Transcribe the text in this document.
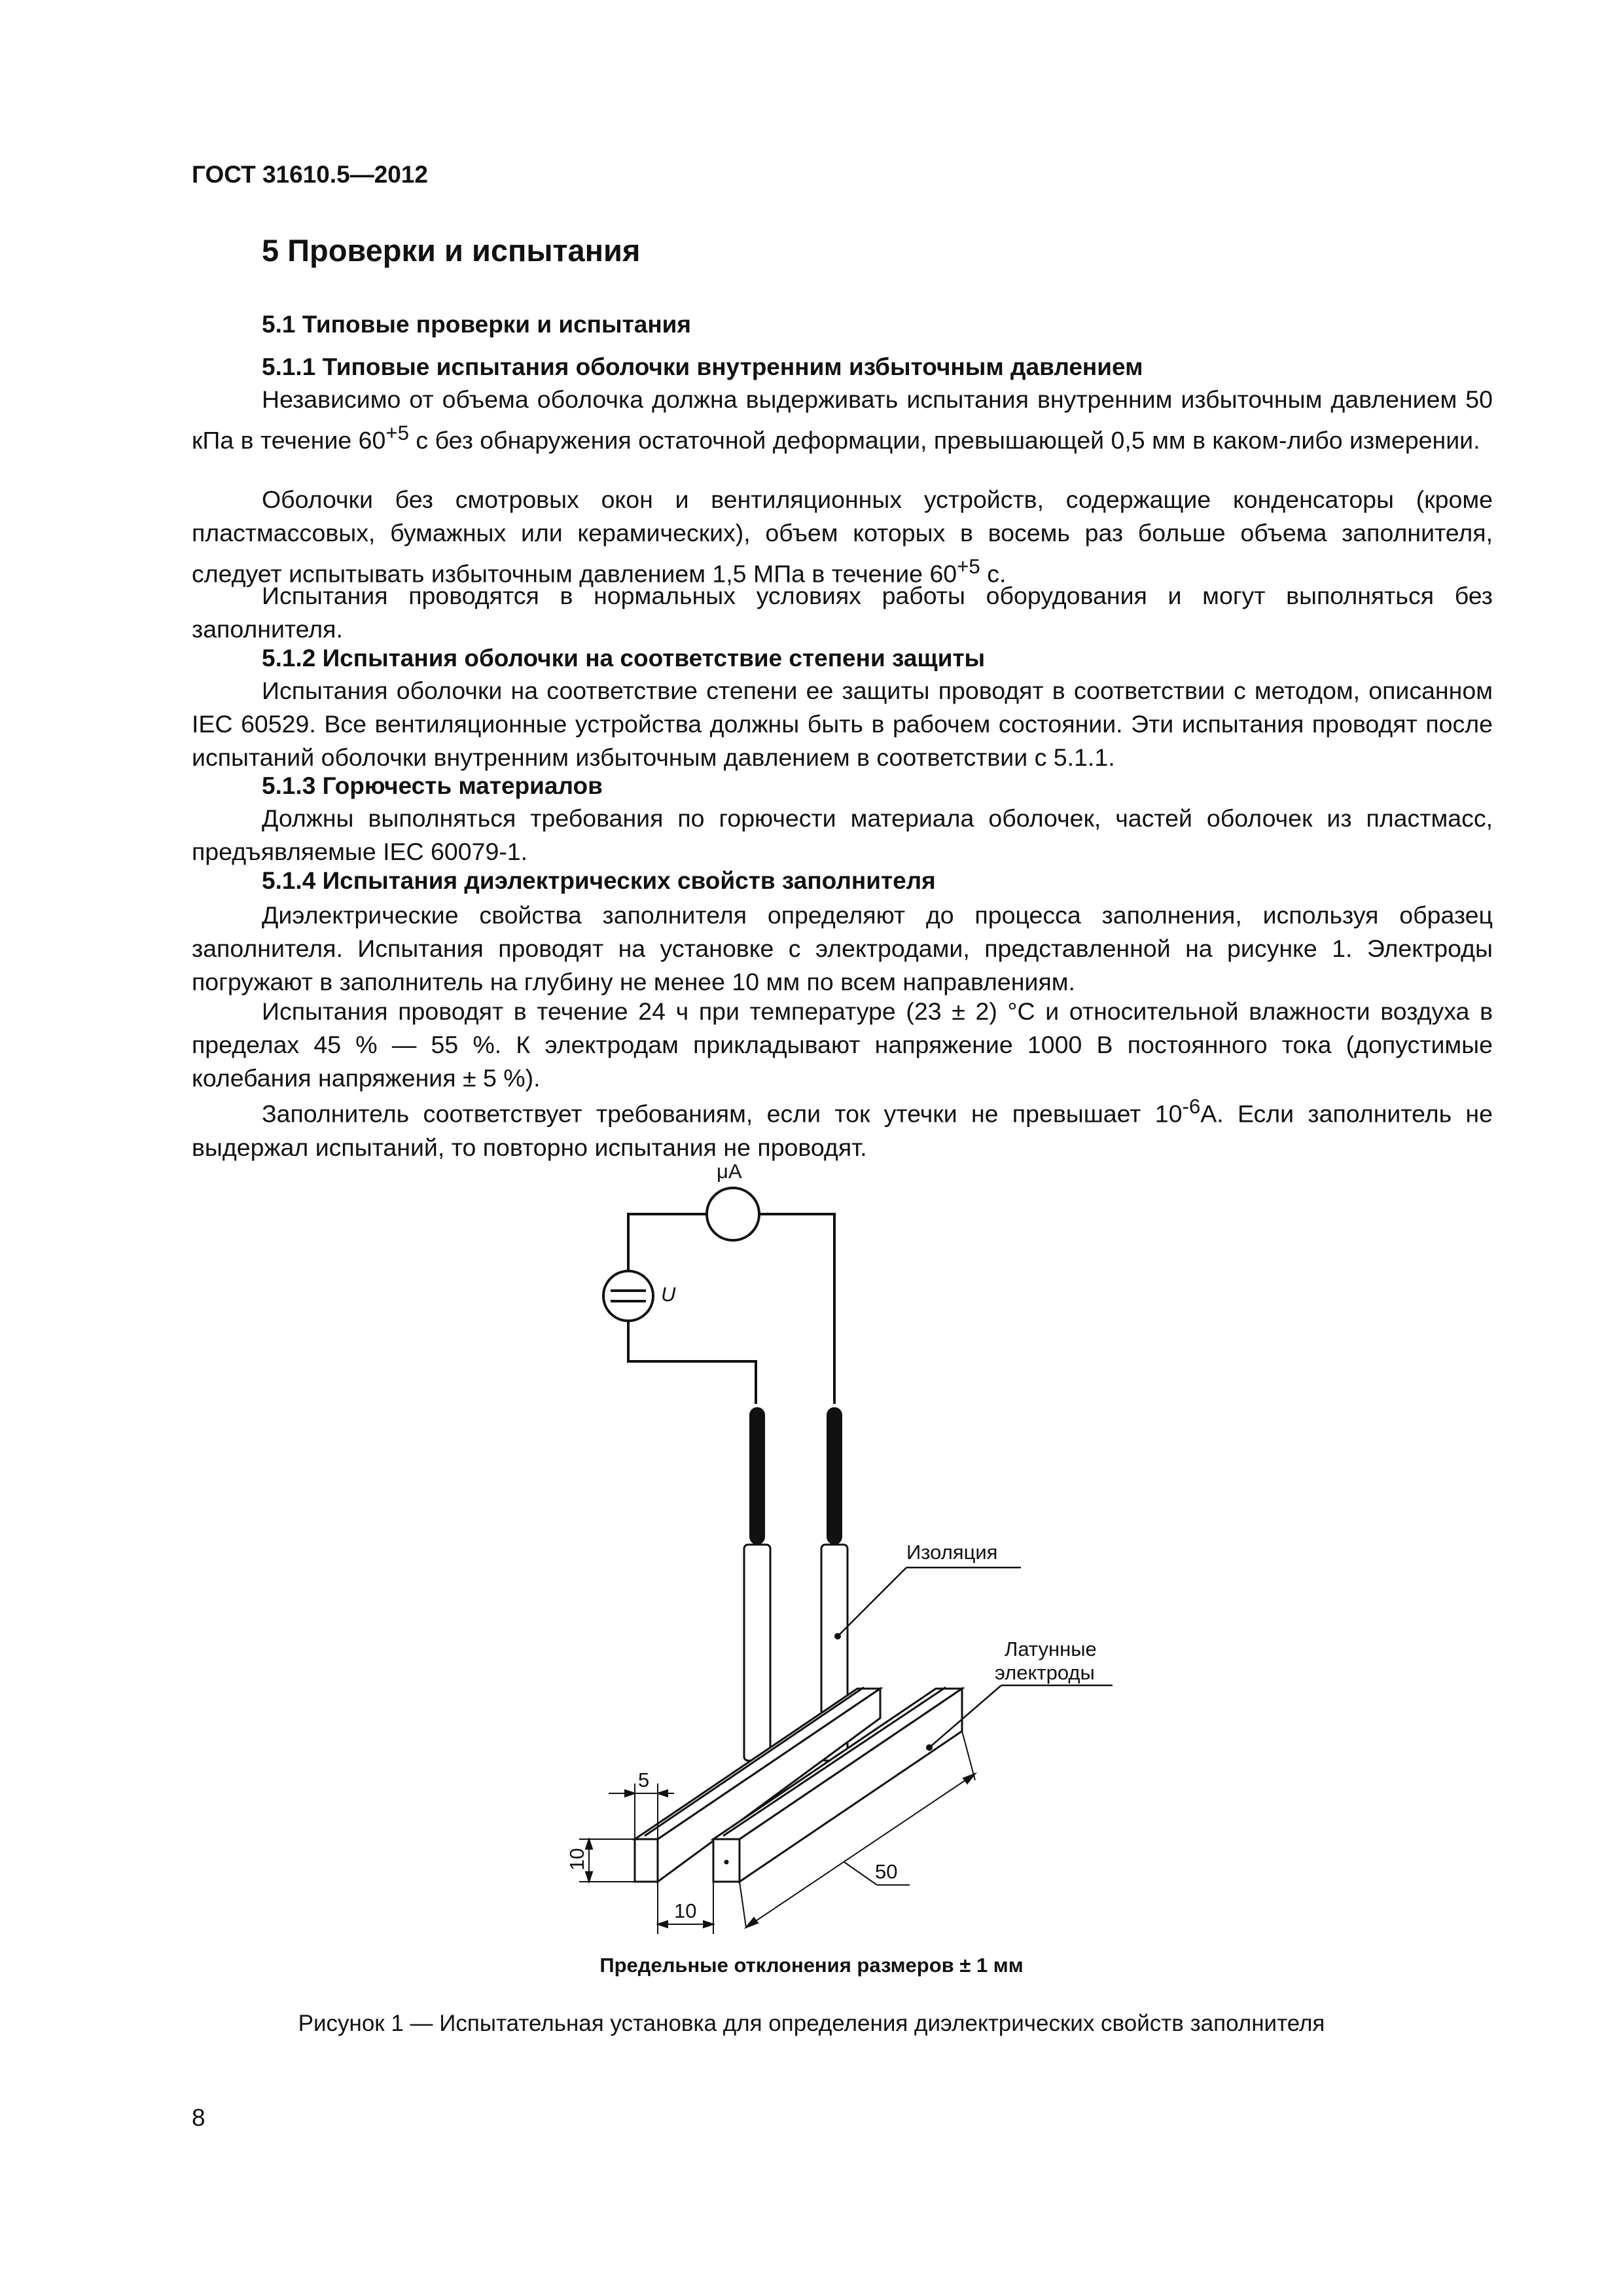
ГОСТ 31610.5—2012
5 Проверки и испытания
5.1 Типовые проверки и испытания
5.1.1 Типовые испытания оболочки внутренним избыточным давлением

Независимо от объема оболочка должна выдерживать испытания внутренним избыточным давлением 50 кПа в течение $60^{+5}$ с без обнаружения остаточной деформации, превышающей 0,5 мм в каком-либо измерении.

Оболочки без смотровых окон и вентиляционных устройств, содержащие конденсаторы (кроме пластмассовых, бумажных или керамических), объем которых в восемь раз больше объема заполнителя, следует испытывать избыточным давлением 1,5 МПа в течение $60^{+5}$ с.

Испытания проводятся в нормальных условиях работы оборудования и могут выполняться без заполнителя.

5.1.2 Испытания оболочки на соответствие степени защиты

Испытания оболочки на соответствие степени ее защиты проводят в соответствии с методом, описанном IEC 60529. Все вентиляционные устройства должны быть в рабочем состоянии. Эти испытания проводят после испытаний оболочки внутренним избыточным давлением в соответствии с 5.1.1.

5.1.3 Горючесть материалов

Должны выполняться требования по горючести материала оболочек, частей оболочек из пластмасс, предъявляемые IEC 60079-1.

5.1.4 Испытания диэлектрических свойств заполнителя

Диэлектрические свойства заполнителя определяют до процесса заполнения, используя образец заполнителя. Испытания проводят на установке с электродами, представленной на рисунке 1. Электроды погружают в заполнитель на глубину не менее 10 мм по всем направлениям.

Испытания проводят в течение 24 ч при температуре (23 ± 2) °С и относительной влажности воздуха в пределах 45 % — 55 %. К электродам прикладывают напряжение 1000 В постоянного тока (допустимые колебания напряжения ± 5 %).

Заполнитель соответствует требованиям, если ток утечки не превышает $10^{-6}А$. Если заполнитель не выдержал испытаний, то повторно испытания не проводят.

μА
U
Изоляция
Латунные
электроды
5
10
10
50
Предельные отклонения размеров ± 1 мм
Рисунок 1 — Испытательная установка для определения диэлектрических свойств заполнителя
8
